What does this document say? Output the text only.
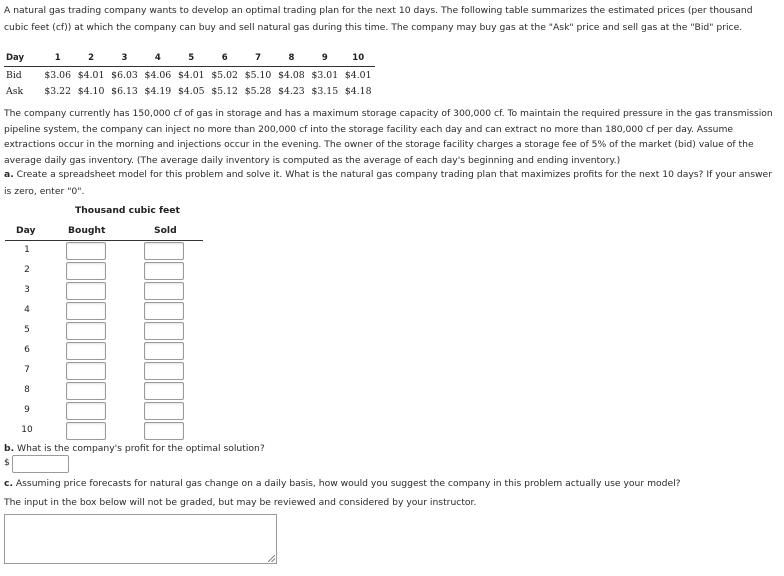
A natural gas trading company wants to develop an optimal trading plan for the next 10 days. The following table summarizes the estimated prices (per thousand cubic feet (cf)) at which the company can buy and sell natural gas during this time. The company may buy gas at the "Ask" price and sell gas at the "Bid" price.
Day	1	2	3	4	5	6	7	8	9	10
Bid	$3.06	$4.01	$6.03	$4.06	$4.01	$5.02	$5.10	$4.08	$3.01	$4.01
Ask	$3.22	$4.10	$6.13	$4.19	$4.05	$5.12	$5.28	$4.23	$3.15	$4.18
The company currently has 150,000 cf of gas in storage and has a maximum storage capacity of 300,000 cf. To maintain the required pressure in the gas transmission pipeline system, the company can inject no more than 200,000 cf into the storage facility each day and can extract no more than 180,000 cf per day. Assume extractions occur in the morning and injections occur in the evening. The owner of the storage facility charges a storage fee of 5% of the market (bid) value of the average daily gas inventory. (The average daily inventory is computed as the average of each day's beginning and ending inventory.)
a. Create a spreadsheet model for this problem and solve it. What is the natural gas company trading plan that maximizes profits for the next 10 days? If your answer is zero, enter "0".
Thousand cubic feet
Day	Bought	Sold
1
2
3
4
5
6
7
8
9
10
b. What is the company's profit for the optimal solution?
$
c. Assuming price forecasts for natural gas change on a daily basis, how would you suggest the company in this problem actually use your model?
The input in the box below will not be graded, but may be reviewed and considered by your instructor.
